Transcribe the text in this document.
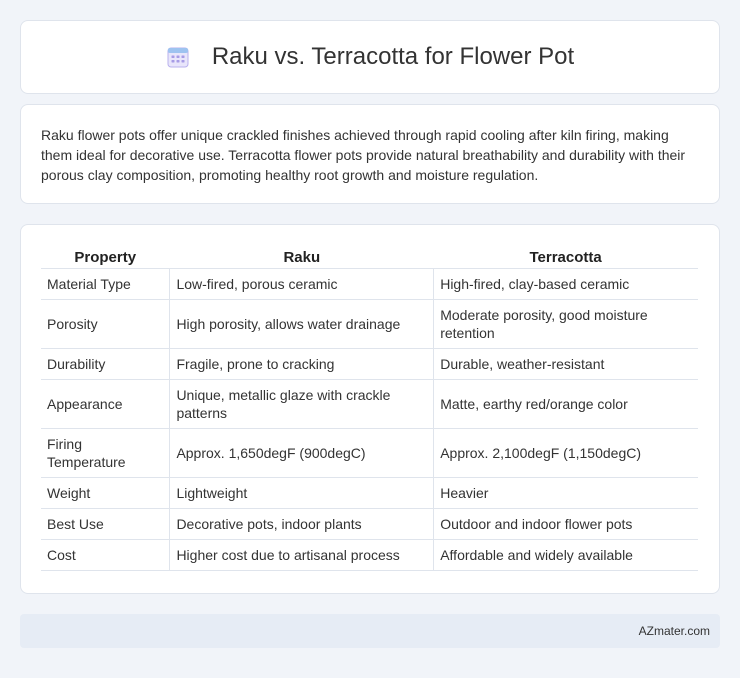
Raku vs. Terracotta for Flower Pot

Raku flower pots offer unique crackled finishes achieved through rapid cooling after kiln firing, making them ideal for decorative use. Terracotta flower pots provide natural breathability and durability with their porous clay composition, promoting healthy root growth and moisture regulation.

Property	Raku	Terracotta
Material Type	Low-fired, porous ceramic	High-fired, clay-based ceramic
Porosity	High porosity, allows water drainage	Moderate porosity, good moisture retention
Durability	Fragile, prone to cracking	Durable, weather-resistant
Appearance	Unique, metallic glaze with crackle patterns	Matte, earthy red/orange color
Firing Temperature	Approx. 1,650degF (900degC)	Approx. 2,100degF (1,150degC)
Weight	Lightweight	Heavier
Best Use	Decorative pots, indoor plants	Outdoor and indoor flower pots
Cost	Higher cost due to artisanal process	Affordable and widely available
AZmater.com
